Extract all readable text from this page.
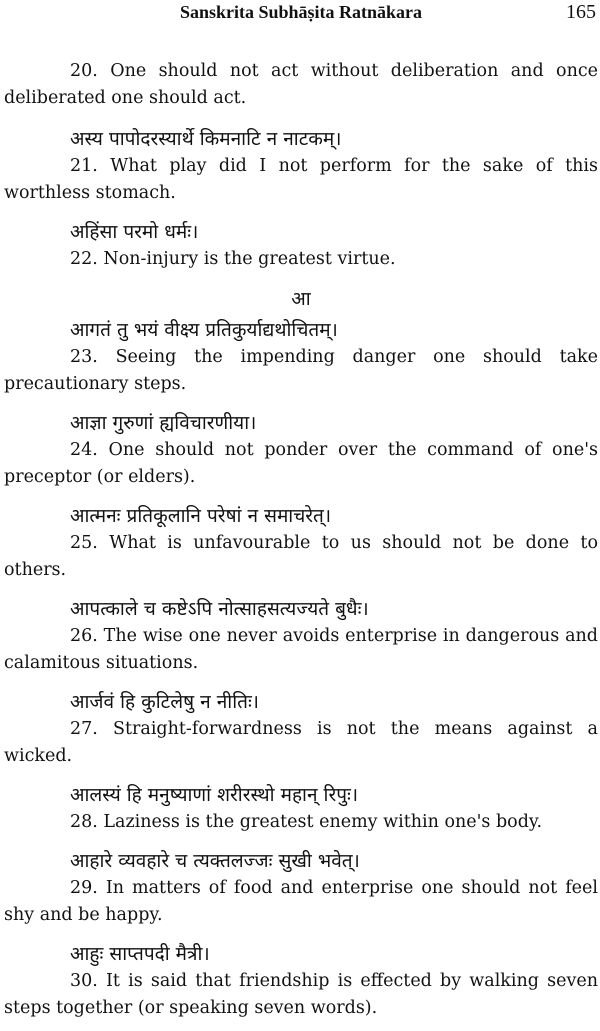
Sanskrita Subhāṣita Ratnākara	165
20. One should not act without deliberation and once deliberated one should act.
अस्य पापोदरस्यार्थे किमनाटि न नाटकम्।
21. What play did I not perform for the sake of this worthless stomach.
अहिंसा परमो धर्मः।
22. Non-injury is the greatest virtue.
आ
आगतं तु भयं वीक्ष्य प्रतिकुर्याद्यथोचितम्।
23. Seeing the impending danger one should take precautionary steps.
आज्ञा गुरुणां ह्यविचारणीया।
24. One should not ponder over the command of one's preceptor (or elders).
आत्मनः प्रतिकूलानि परेषां न समाचरेत्।
25. What is unfavourable to us should not be done to others.
आपत्काले च कष्टेऽपि नोत्साहसत्यज्यते बुधैः।
26. The wise one never avoids enterprise in dangerous and calamitous situations.
आर्जवं हि कुटिलेषु न नीतिः।
27. Straight-forwardness is not the means against a wicked.
आलस्यं हि मनुष्याणां शरीरस्थो महान् रिपुः।
28. Laziness is the greatest enemy within one's body.
आहारे व्यवहारे च त्यक्तलज्जः सुखी भवेत्।
29. In matters of food and enterprise one should not feel shy and be happy.
आहुः साप्तपदी मैत्री।
30. It is said that friendship is effected by walking seven steps together (or speaking seven words).
